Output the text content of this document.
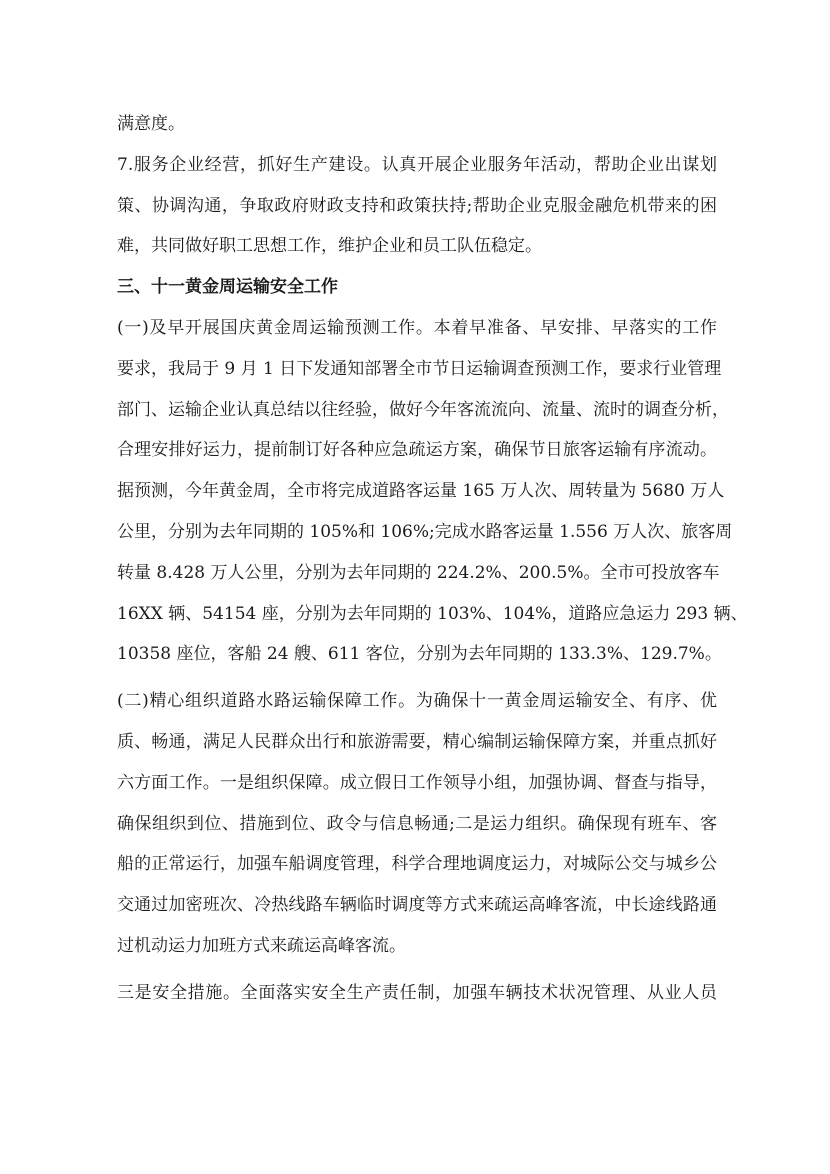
满意度。
7.服务企业经营，抓好生产建设。认真开展企业服务年活动，帮助企业出谋划
策、协调沟通，争取政府财政支持和政策扶持;帮助企业克服金融危机带来的困
难，共同做好职工思想工作，维护企业和员工队伍稳定。
三、十一黄金周运输安全工作
(一)及早开展国庆黄金周运输预测工作。本着早准备、早安排、早落实的工作
要求，我局于 9 月 1 日下发通知部署全市节日运输调查预测工作，要求行业管理
部门、运输企业认真总结以往经验，做好今年客流流向、流量、流时的调查分析，
合理安排好运力，提前制订好各种应急疏运方案，确保节日旅客运输有序流动。
据预测，今年黄金周，全市将完成道路客运量 165 万人次、周转量为 5680 万人
公里，分别为去年同期的 105%和 106%;完成水路客运量 1.556 万人次、旅客周
转量 8.428 万人公里，分别为去年同期的 224.2%、200.5%。全市可投放客车
16XX 辆、54154 座，分别为去年同期的 103%、104%，道路应急运力 293 辆、
10358 座位，客船 24 艘、611 客位，分别为去年同期的 133.3%、129.7%。
(二)精心组织道路水路运输保障工作。为确保十一黄金周运输安全、有序、优
质、畅通，满足人民群众出行和旅游需要，精心编制运输保障方案，并重点抓好
六方面工作。一是组织保障。成立假日工作领导小组，加强协调、督查与指导，
确保组织到位、措施到位、政令与信息畅通;二是运力组织。确保现有班车、客
船的正常运行，加强车船调度管理，科学合理地调度运力，对城际公交与城乡公
交通过加密班次、冷热线路车辆临时调度等方式来疏运高峰客流，中长途线路通
过机动运力加班方式来疏运高峰客流。
三是安全措施。全面落实安全生产责任制，加强车辆技术状况管理、从业人员
